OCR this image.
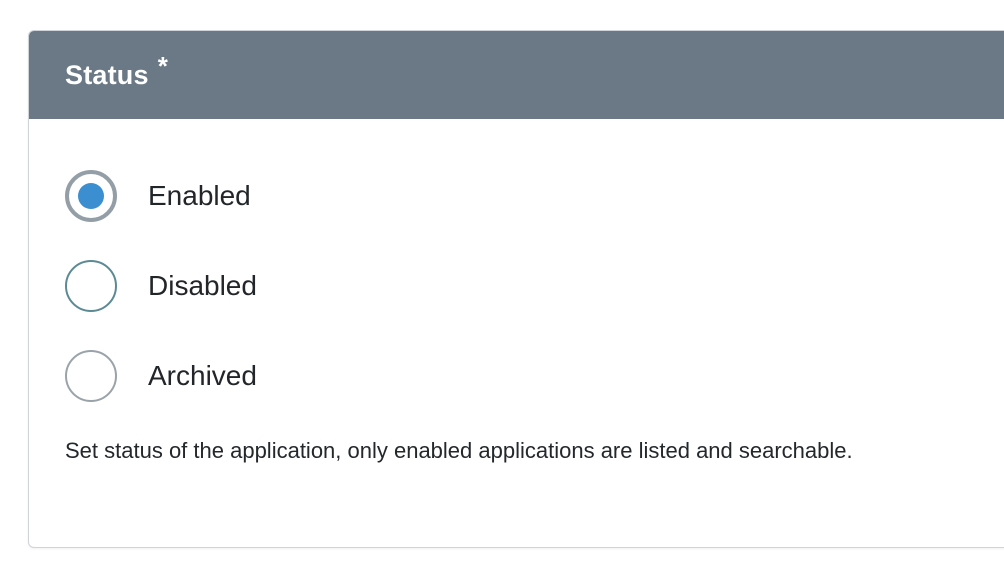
Status *
Enabled
Disabled
Archived
Set status of the application, only enabled applications are listed and searchable.
